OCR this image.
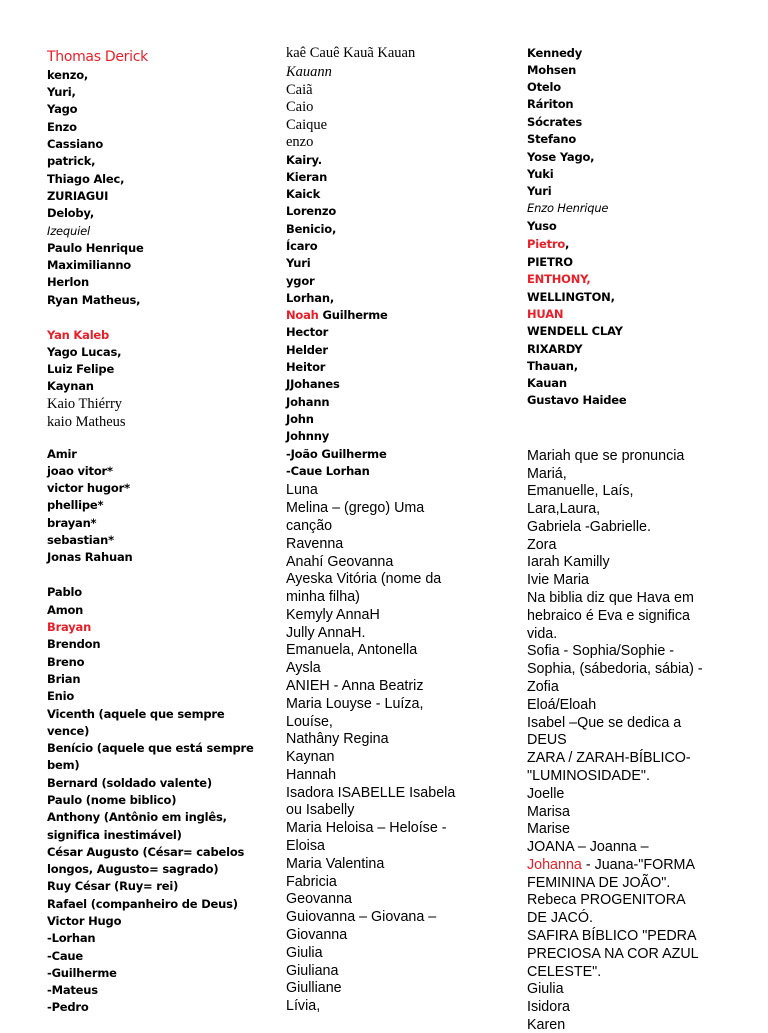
Thomas Derick
kenzo,
Yuri,
Yago
Enzo
Cassiano
patrick,
Thiago Alec,
ZURIAGUI
Deloby,
Izequiel
Paulo Henrique
Maximilianno
Herlon
Ryan Matheus,
Yan Kaleb
Yago Lucas,
Luiz Felipe
Kaynan
Kaio Thiérry
kaio Matheus
Amir
joao vitor*
victor hugor*
phellipe*
brayan*
sebastian*
Jonas Rahuan
Pablo
Amon
Brayan
Brendon
Breno
Brian
Enio
Vicenth (aquele que sempre
vence)
Benício (aquele que está sempre
bem)
Bernard (soldado valente)
Paulo (nome biblico)
Anthony (Antônio em inglês,
significa inestimável)
César Augusto (César= cabelos
longos, Augusto= sagrado)
Ruy César (Ruy= rei)
Rafael (companheiro de Deus)
Victor Hugo
-Lorhan
-Caue
-Guilherme
-Mateus
-Pedro
kaê Cauê Kauã Kauan
Kauann
Caiã
Caio
Caique
enzo
Kairy.
Kieran
Kaick
Lorenzo
Benicio,
Ícaro
Yuri
ygor
Lorhan,
Noah Guilherme
Hector
Helder
Heitor
JJohanes
Johann
John
Johnny
-João Guilherme
-Caue Lorhan
Luna
Melina – (grego) Uma
canção
Ravenna
Anahí Geovanna
Ayeska Vitória (nome da
minha filha)
Kemyly AnnaH
Jully AnnaH.
Emanuela, Antonella
Aysla
ANIEH - Anna Beatriz
Maria Louyse - Luíza,
Louíse,
Nathâny Regina
Kaynan
Hannah
Isadora ISABELLE Isabela
ou Isabelly
Maria Heloisa – Heloíse -
Eloisa
Maria Valentina
Fabricia
Geovanna
Guiovanna – Giovana –
Giovanna
Giulia
Giuliana
Giulliane
Lívia,
Kennedy
Mohsen
Otelo
Ráriton
Sócrates
Stefano
Yose Yago,
Yuki
Yuri
Enzo Henrique
Yuso
Pietro,
PIETRO
ENTHONY,
WELLINGTON,
HUAN
WENDELL CLAY
RIXARDY
Thauan,
Kauan
Gustavo Haidee
Mariah que se pronuncia
Mariá,
Emanuelle, Laís,
Lara,Laura,
Gabriela -Gabrielle.
Zora
Iarah Kamilly
Ivie Maria
Na biblia diz que Hava em
hebraico é Eva e significa
vida.
Sofia - Sophia/Sophie -
Sophia, (sábedoria, sábia) -
Zofia
Eloá/Eloah
Isabel –Que se dedica a
DEUS
ZARA / ZARAH-BÍBLICO-
"LUMINOSIDADE".
Joelle
Marisa
Marise
JOANA – Joanna –
Johanna - Juana-"FORMA
FEMININA DE JOÃO".
Rebeca PROGENITORA
DE JACÓ.
SAFIRA BÍBLICO "PEDRA
PRECIOSA NA COR AZUL
CELESTE".
Giulia
Isidora
Karen
